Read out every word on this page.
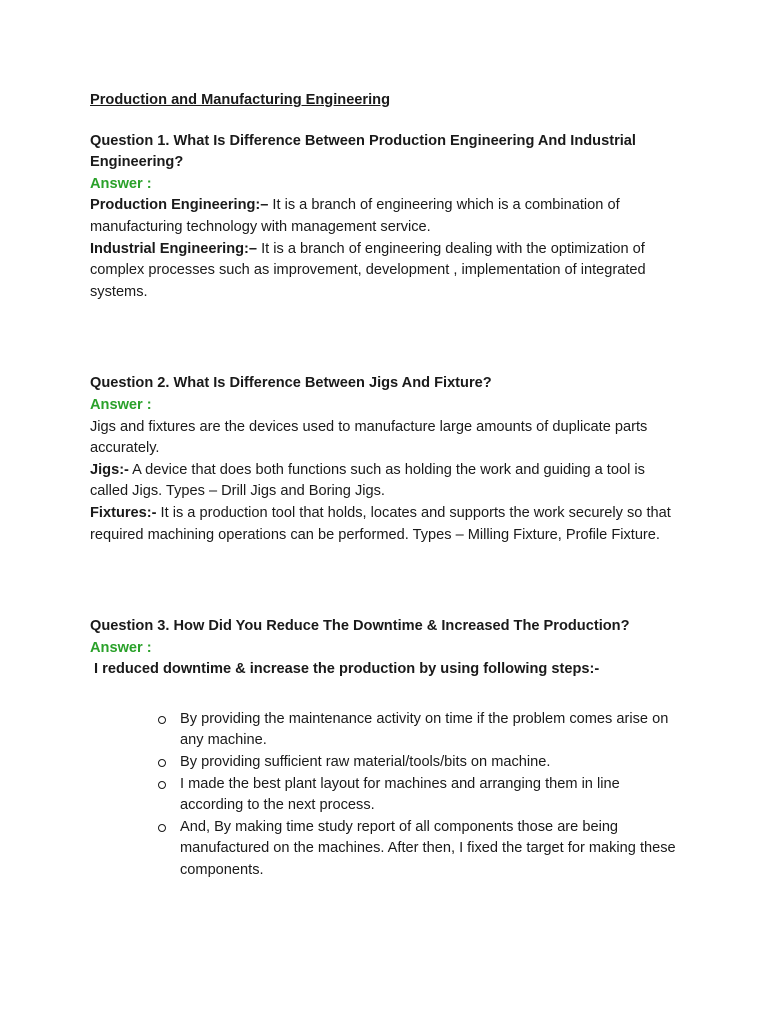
Production and Manufacturing Engineering

Question 1. What Is Difference Between Production Engineering And Industrial Engineering?

Answer :

Production Engineering:– It is a branch of engineering which is a combination of manufacturing technology with management service.

Industrial Engineering:– It is a branch of engineering dealing with the optimization of complex processes such as improvement, development , implementation of integrated systems.

Question 2. What Is Difference Between Jigs And Fixture?

Answer :

Jigs and fixtures are the devices used to manufacture large amounts of duplicate parts accurately.

Jigs:- A device that does both functions such as holding the work and guiding a tool is called Jigs. Types – Drill Jigs and Boring Jigs.

Fixtures:- It is a production tool that holds, locates and supports the work securely so that required machining operations can be performed. Types – Milling Fixture, Profile Fixture.

Question 3. How Did You Reduce The Downtime & Increased The Production?

Answer :

I reduced downtime & increase the production by using following steps:-

By providing the maintenance activity on time if the problem comes arise on any machine.
By providing sufficient raw material/tools/bits on machine.
I made the best plant layout for machines and arranging them in line according to the next process.
And, By making time study report of all components those are being manufactured on the machines. After then, I fixed the target for making these components.
